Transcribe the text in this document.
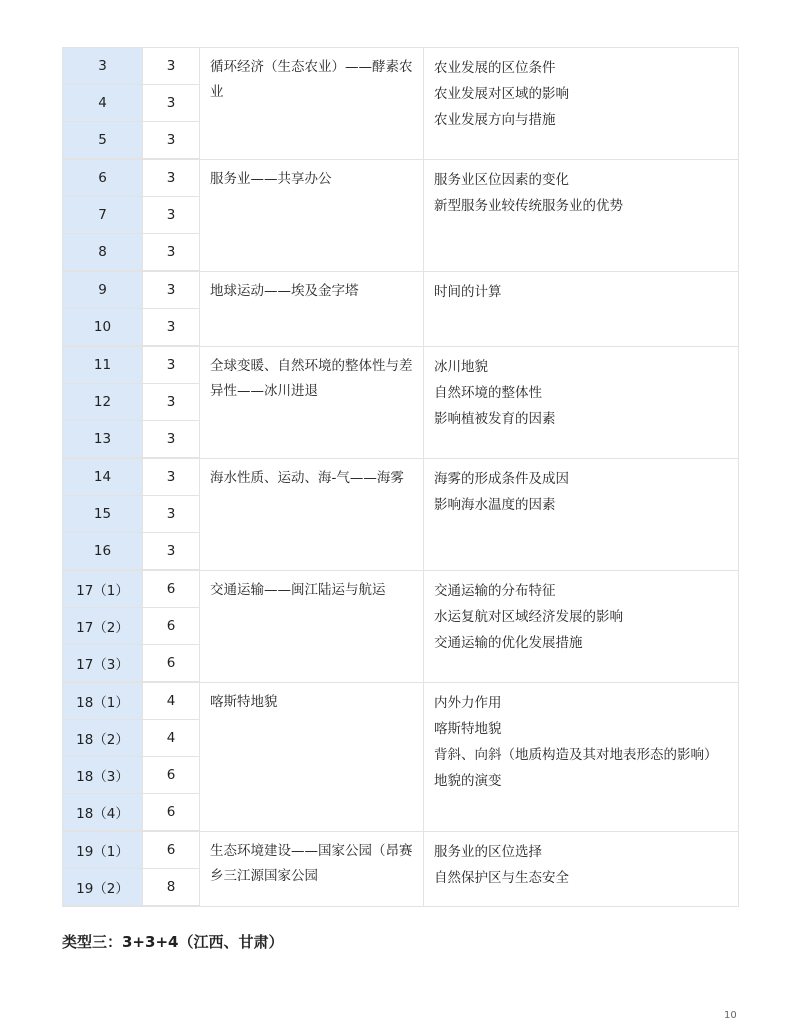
3	3	循环经济（生态农业）——酵素农业	农业发展的区位条件
农业发展对区域的影响
农业发展方向与措施

4	3		
5	3		
6	3	服务业——共享办公	服务业区位因素的变化
新型服务业较传统服务业的优势

7	3		
8	3		
9	3	地球运动——埃及金字塔	时间的计算

10	3		
11	3	全球变暖、自然环境的整体性与差异性——冰川进退	冰川地貌
自然环境的整体性
影响植被发育的因素

12	3		
13	3		
14	3	海水性质、运动、海-气——海雾	海雾的形成条件及成因
影响海水温度的因素

15	3		
16	3		
17（1）	6	交通运输——闽江陆运与航运	交通运输的分布特征
水运复航对区域经济发展的影响
交通运输的优化发展措施

17（2）	6		
17（3）	6		
18（1）	4	喀斯特地貌	内外力作用
喀斯特地貌
背斜、向斜（地质构造及其对地表形态的影响）
地貌的演变

18（2）	4		
18（3）	6		
18（4）	6		
19（1）	6	生态环境建设——国家公园（昂赛乡三江源国家公园	服务业的区位选择
自然保护区与生态安全

19（2）	8		
类型三：3+3+4（江西、甘肃）
10
